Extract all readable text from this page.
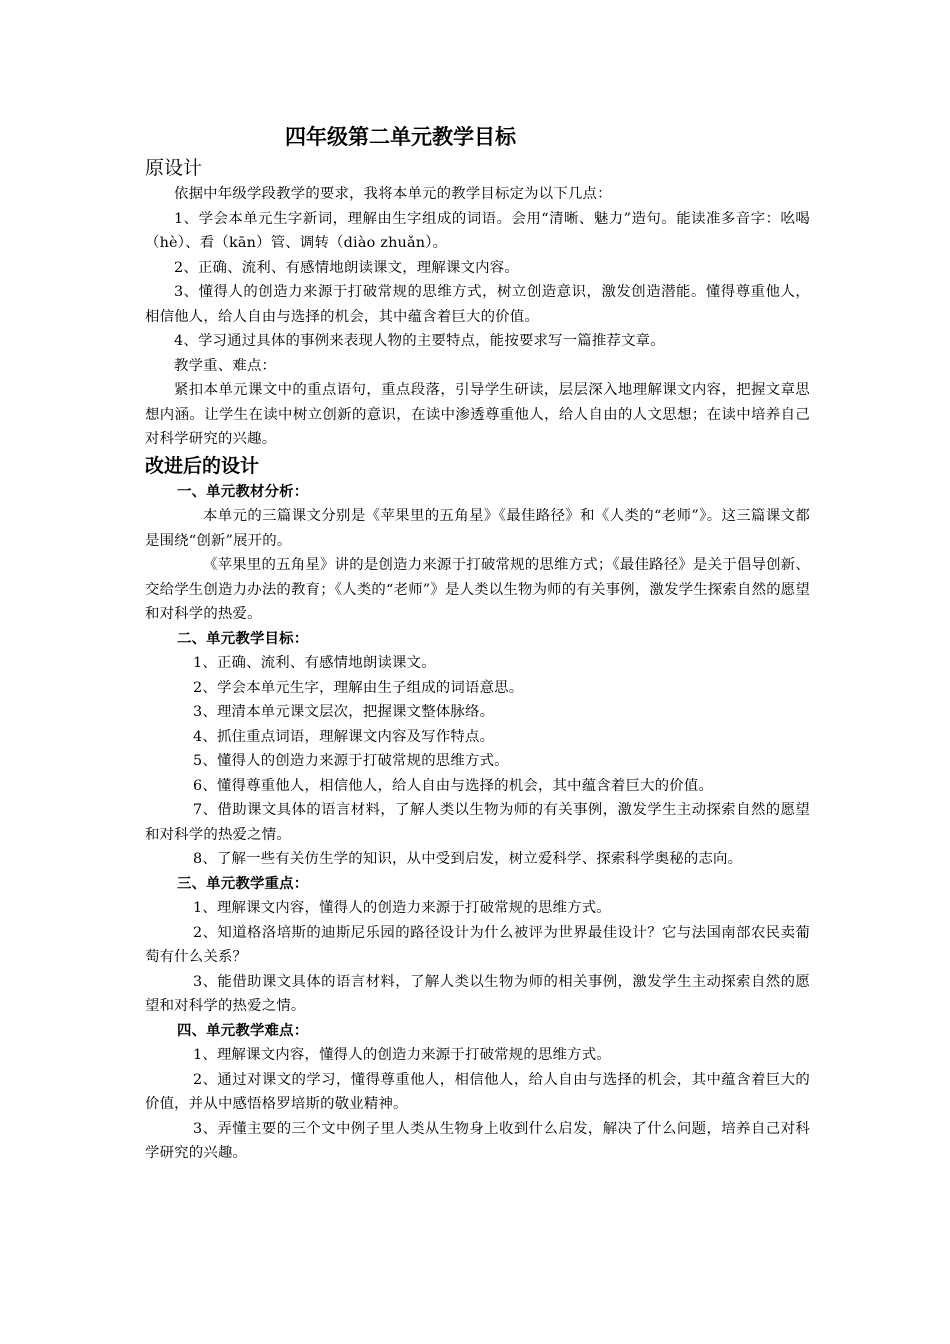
四年级第二单元教学目标
原设计

依据中年级学段教学的要求，我将本单元的教学目标定为以下几点：

1、学会本单元生字新词，理解由生字组成的词语。会用“清晰、魅力”造句。能读准多音字：吆喝（hè）、看（kān）管、调转（diào zhuǎn）。

2、正确、流利、有感情地朗读课文，理解课文内容。

3、懂得人的创造力来源于打破常规的思维方式，树立创造意识，激发创造潜能。懂得尊重他人，相信他人，给人自由与选择的机会，其中蕴含着巨大的价值。

4、学习通过具体的事例来表现人物的主要特点，能按要求写一篇推荐文章。

教学重、难点：

紧扣本单元课文中的重点语句，重点段落，引导学生研读，层层深入地理解课文内容，把握文章思想内涵。让学生在读中树立创新的意识，在读中渗透尊重他人，给人自由的人文思想；在读中培养自己对科学研究的兴趣。

改进后的设计

一、单元教材分析：

本单元的三篇课文分别是《苹果里的五角星》《最佳路径》和《人类的“老师”》。这三篇课文都是围绕“创新”展开的。

《苹果里的五角星》讲的是创造力来源于打破常规的思维方式；《最佳路径》是关于倡导创新、交给学生创造力办法的教育；《人类的“老师”》是人类以生物为师的有关事例，激发学生探索自然的愿望和对科学的热爱。

二、单元教学目标：

1、正确、流利、有感情地朗读课文。

2、学会本单元生字，理解由生子组成的词语意思。

3、理清本单元课文层次，把握课文整体脉络。

4、抓住重点词语，理解课文内容及写作特点。

5、懂得人的创造力来源于打破常规的思维方式。

6、懂得尊重他人，相信他人，给人自由与选择的机会，其中蕴含着巨大的价值。

7、借助课文具体的语言材料，了解人类以生物为师的有关事例，激发学生主动探索自然的愿望和对科学的热爱之情。

8、了解一些有关仿生学的知识，从中受到启发，树立爱科学、探索科学奥秘的志向。

三、单元教学重点：

1、理解课文内容，懂得人的创造力来源于打破常规的思维方式。

2、知道格洛培斯的迪斯尼乐园的路径设计为什么被评为世界最佳设计？它与法国南部农民卖葡萄有什么关系？

3、能借助课文具体的语言材料，了解人类以生物为师的相关事例，激发学生主动探索自然的愿望和对科学的热爱之情。

四、单元教学难点：

1、理解课文内容，懂得人的创造力来源于打破常规的思维方式。

2、通过对课文的学习，懂得尊重他人，相信他人，给人自由与选择的机会，其中蕴含着巨大的价值，并从中感悟格罗培斯的敬业精神。

3、弄懂主要的三个文中例子里人类从生物身上收到什么启发，解决了什么问题，培养自己对科学研究的兴趣。
